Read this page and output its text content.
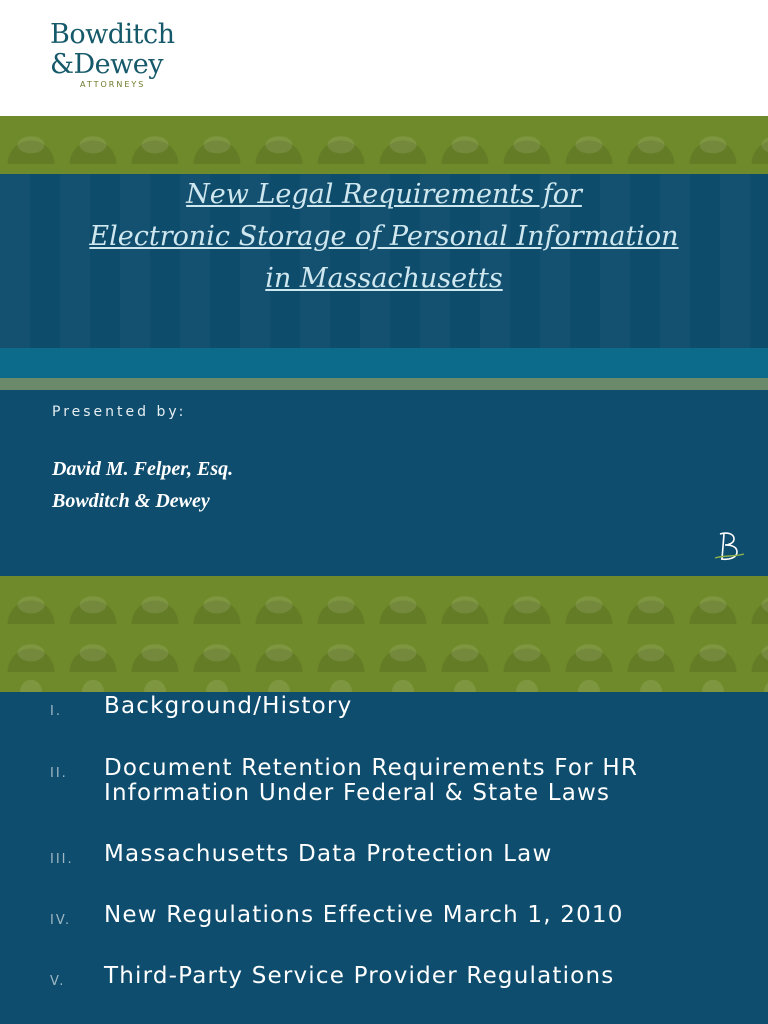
Bowditch
&Dewey
ATTORNEYS
New Legal Requirements for
Electronic Storage of Personal Information
in Massachusetts
Presented by:
David M. Felper, Esq.
Bowditch & Dewey
I. Background/History
II. Document Retention Requirements For HR
Information Under Federal & State Laws
III. Massachusetts Data Protection Law
IV. New Regulations Effective March 1, 2010
V. Third-Party Service Provider Regulations
